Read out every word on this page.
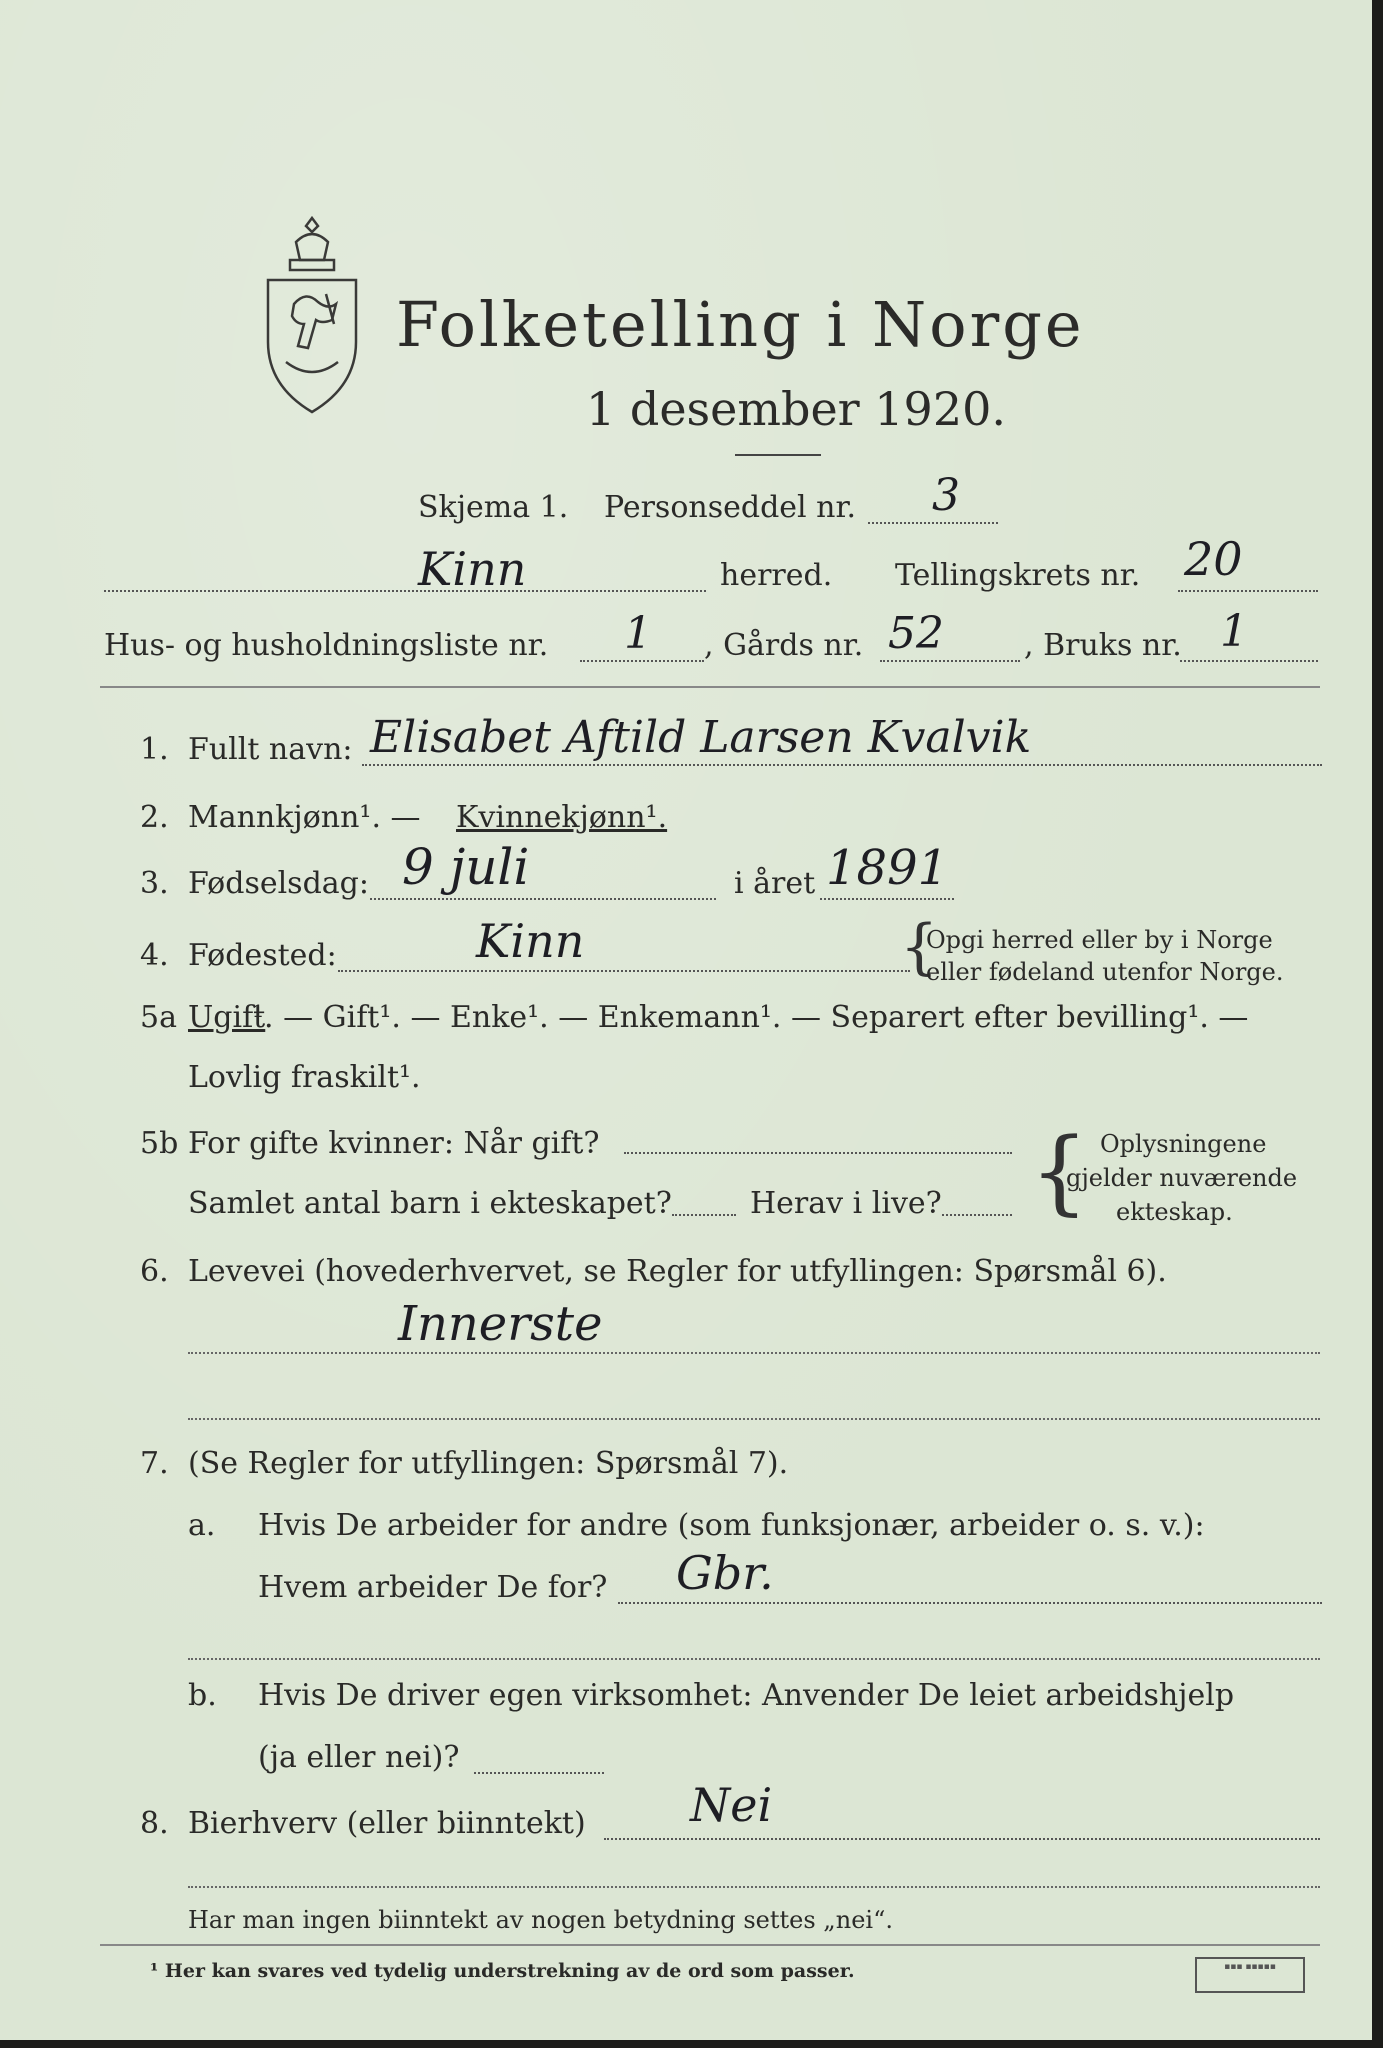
Folketelling i Norge
1 desember 1920.
Skjema 1. Personseddel nr. 3
Kinn	herred. Tellingskrets nr. 20
Hus- og husholdningsliste nr. 1 , Gårds nr. 52	, Bruks nr. 1
1. Fullt navn: Elisabet Aftild Larsen Kvalvik
2. Mannkjønn¹. — Kvinnekjønn¹.
3. Fødselsdag: 9 juli	i året 1891
4. Fødested:	Kinn	{
Opgi herred eller by i Norge
eller fødeland utenfor Norge.
5a Ugift
¹. — Gift¹. — Enke¹. — Enkemann¹. — Separert efter bevilling¹. —
Lovlig fraskilt¹.
5b For gifte kvinner: Når gift?
Samlet antal barn i ekteskapet?	Herav i live? { Oplysningene
gjelder nuværende
ekteskap.
6. Levevei (hovederhvervet, se Regler for utfyllingen: Spørsmål 6).
Innerste
7. (Se Regler for utfyllingen: Spørsmål 7).
a. Hvis De arbeider for andre (som funksjonær, arbeider o. s. v.):
Hvem arbeider De for? Gbr.
b. Hvis De driver egen virksomhet: Anvender De leiet arbeidshjelp
(ja eller nei)?
8. Bierhverv (eller biinntekt) Nei
Har man ingen biinntekt av nogen betydning settes „nei“.
¹ Her kan svares ved tydelig understrekning av de ord som passer.	▪▪▪ ▪▪▪▪▪
